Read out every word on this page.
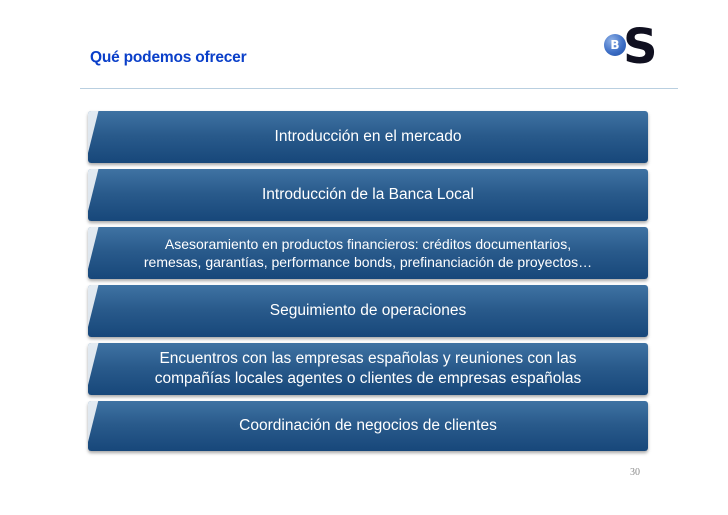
Qué podemos ofrecer
B S
Introducción en el mercado
Introducción de la Banca Local
Asesoramiento en productos financieros: créditos documentarios,
remesas, garantías, performance bonds, prefinanciación de proyectos…
Seguimiento de operaciones
Encuentros con las empresas españolas y reuniones con las
compañías locales agentes o clientes de empresas españolas
Coordinación de negocios de clientes
30
